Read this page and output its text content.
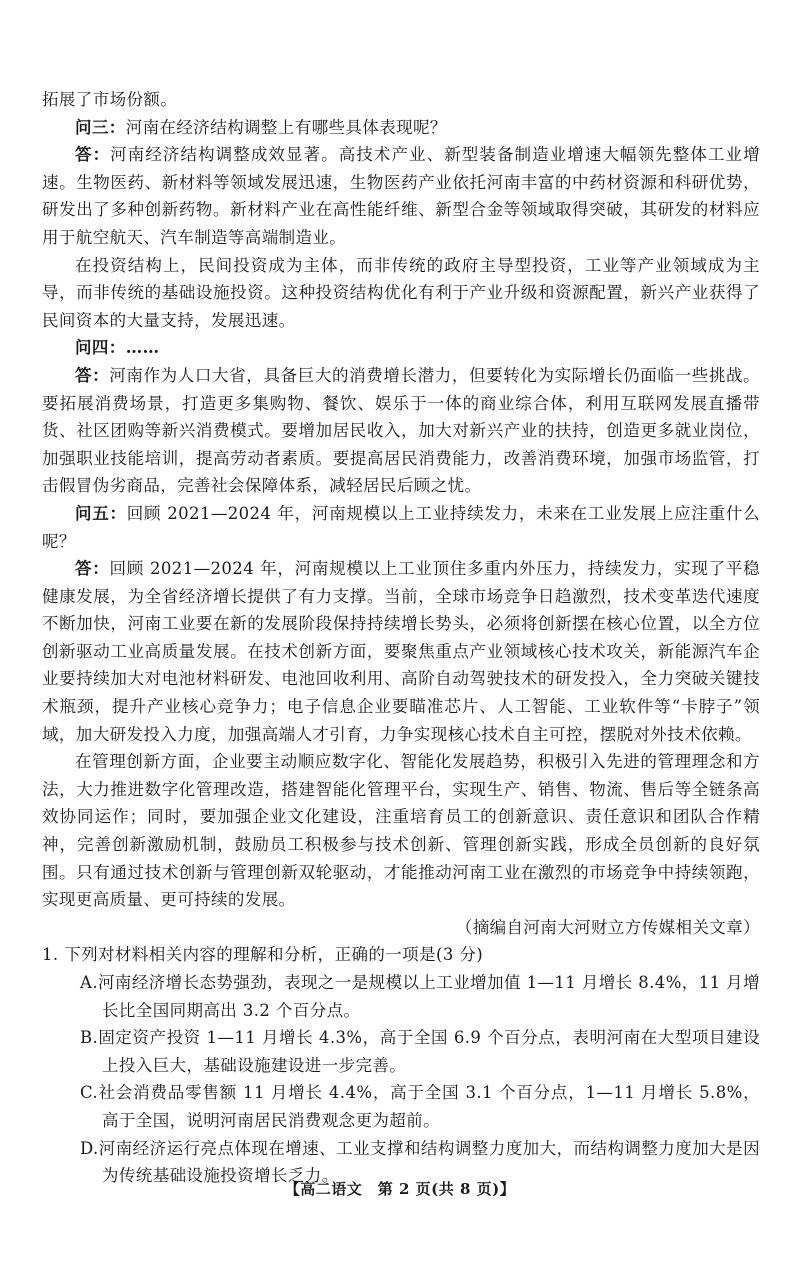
拓展了市场份额。

问三：河南在经济结构调整上有哪些具体表现呢？

答：河南经济结构调整成效显著。高技术产业、新型装备制造业增速大幅领先整体工业增速。生物医药、新材料等领域发展迅速，生物医药产业依托河南丰富的中药材资源和科研优势，研发出了多种创新药物。新材料产业在高性能纤维、新型合金等领域取得突破，其研发的材料应用于航空航天、汽车制造等高端制造业。

在投资结构上，民间投资成为主体，而非传统的政府主导型投资，工业等产业领域成为主导，而非传统的基础设施投资。这种投资结构优化有利于产业升级和资源配置，新兴产业获得了民间资本的大量支持，发展迅速。

问四：……

答：河南作为人口大省，具备巨大的消费增长潜力，但要转化为实际增长仍面临一些挑战。要拓展消费场景，打造更多集购物、餐饮、娱乐于一体的商业综合体，利用互联网发展直播带货、社区团购等新兴消费模式。要增加居民收入，加大对新兴产业的扶持，创造更多就业岗位，加强职业技能培训，提高劳动者素质。要提高居民消费能力，改善消费环境，加强市场监管，打击假冒伪劣商品，完善社会保障体系，减轻居民后顾之忧。

问五：回顾 2021—2024 年，河南规模以上工业持续发力，未来在工业发展上应注重什么呢？

答：回顾 2021—2024 年，河南规模以上工业顶住多重内外压力，持续发力，实现了平稳健康发展，为全省经济增长提供了有力支撑。当前，全球市场竞争日趋激烈，技术变革迭代速度不断加快，河南工业要在新的发展阶段保持持续增长势头，必须将创新摆在核心位置，以全方位创新驱动工业高质量发展。在技术创新方面，要聚焦重点产业领域核心技术攻关，新能源汽车企业要持续加大对电池材料研发、电池回收利用、高阶自动驾驶技术的研发投入，全力突破关键技术瓶颈，提升产业核心竞争力；电子信息企业要瞄准芯片、人工智能、工业软件等“卡脖子”领域，加大研发投入力度，加强高端人才引育，力争实现核心技术自主可控，摆脱对外技术依赖。

在管理创新方面，企业要主动顺应数字化、智能化发展趋势，积极引入先进的管理理念和方法，大力推进数字化管理改造，搭建智能化管理平台，实现生产、销售、物流、售后等全链条高效协同运作；同时，要加强企业文化建设，注重培育员工的创新意识、责任意识和团队合作精神，完善创新激励机制，鼓励员工积极参与技术创新、管理创新实践，形成全员创新的良好氛围。只有通过技术创新与管理创新双轮驱动，才能推动河南工业在激烈的市场竞争中持续领跑，实现更高质量、更可持续的发展。

（摘编自河南大河财立方传媒相关文章）

1. 下列对材料相关内容的理解和分析，正确的一项是(3 分)

A.河南经济增长态势强劲，表现之一是规模以上工业增加值 1—11 月增长 8.4%，11 月增长比全国同期高出 3.2 个百分点。

B.固定资产投资 1—11 月增长 4.3%，高于全国 6.9 个百分点，表明河南在大型项目建设上投入巨大，基础设施建设进一步完善。

C.社会消费品零售额 11 月增长 4.4%，高于全国 3.1 个百分点，1—11 月增长 5.8%，高于全国，说明河南居民消费观念更为超前。

D.河南经济运行亮点体现在增速、工业支撑和结构调整力度加大，而结构调整力度加大是因为传统基础设施投资增长乏力。

【高二语文　第 2 页(共 8 页)】
